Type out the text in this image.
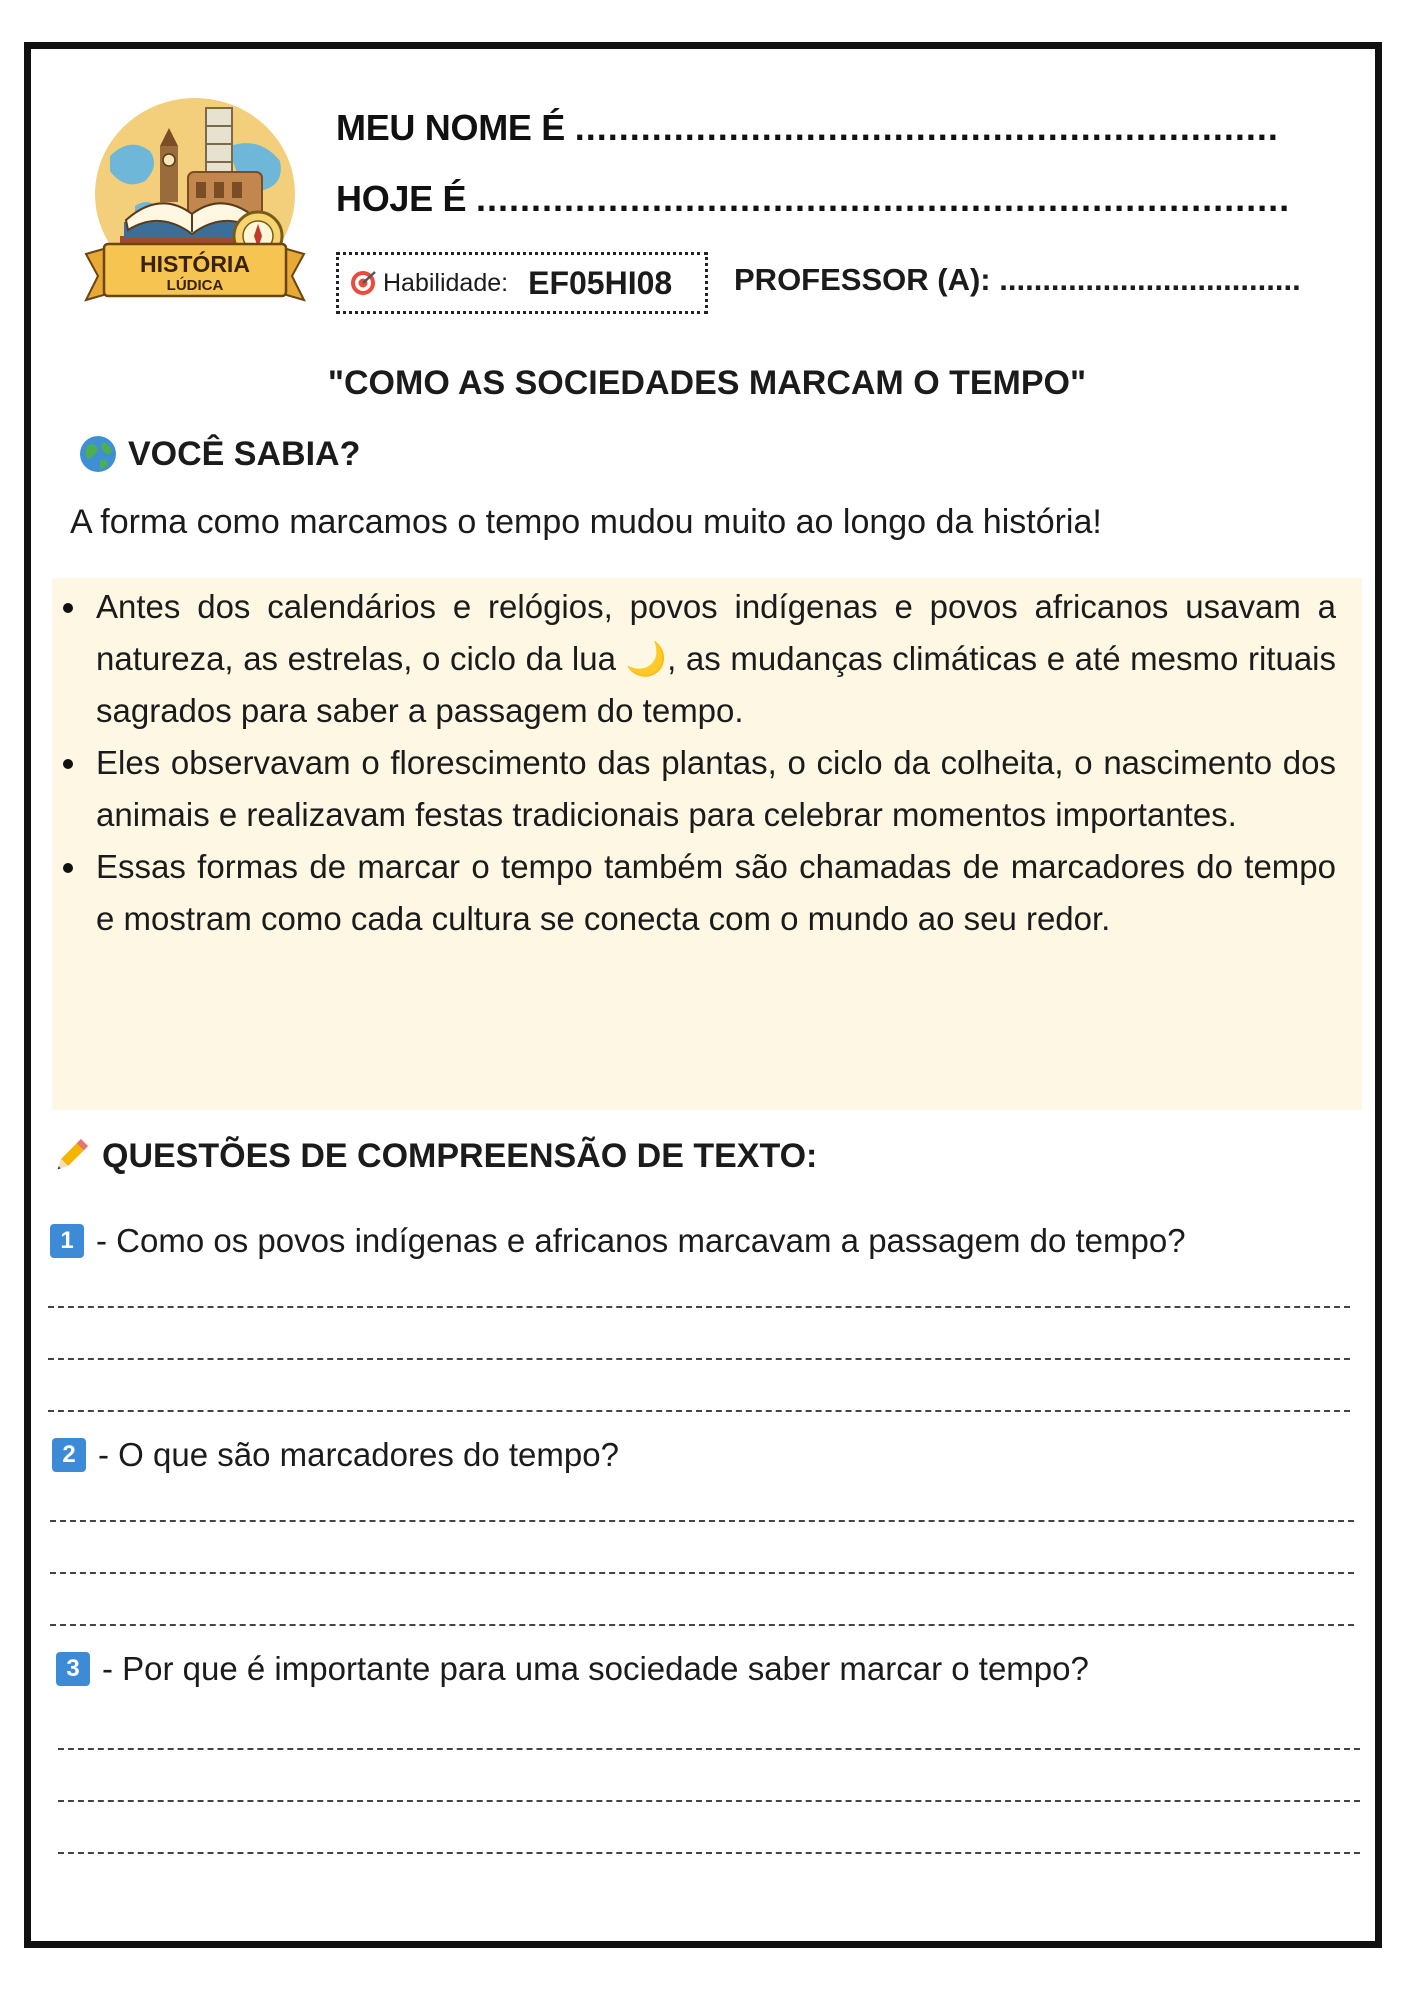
HISTÓRIA
LÚDICA
MEU NOME É ................................................................
HOJE É ..........................................................................
Habilidade: EF05HI08 PROFESSOR (A): ...................................
"COMO AS SOCIEDADES MARCAM O TEMPO"
VOCÊ SABIA?
A forma como marcamos o tempo mudou muito ao longo da história!
Antes dos calendários e relógios, povos indígenas e povos africanos usavam a natureza, as estrelas, o ciclo da lua 🌙, as mudanças climáticas e até mesmo rituais sagrados para saber a passagem do tempo.
Eles observavam o florescimento das plantas, o ciclo da colheita, o nascimento dos animais e realizavam festas tradicionais para celebrar momentos importantes.
Essas formas de marcar o tempo também são chamadas de marcadores do tempo e mostram como cada cultura se conecta com o mundo ao seu redor.
QUESTÕES DE COMPREENSÃO DE TEXTO:
1 - Como os povos indígenas e africanos marcavam a passagem do tempo?
2 - O que são marcadores do tempo?
3 - Por que é importante para uma sociedade saber marcar o tempo?
